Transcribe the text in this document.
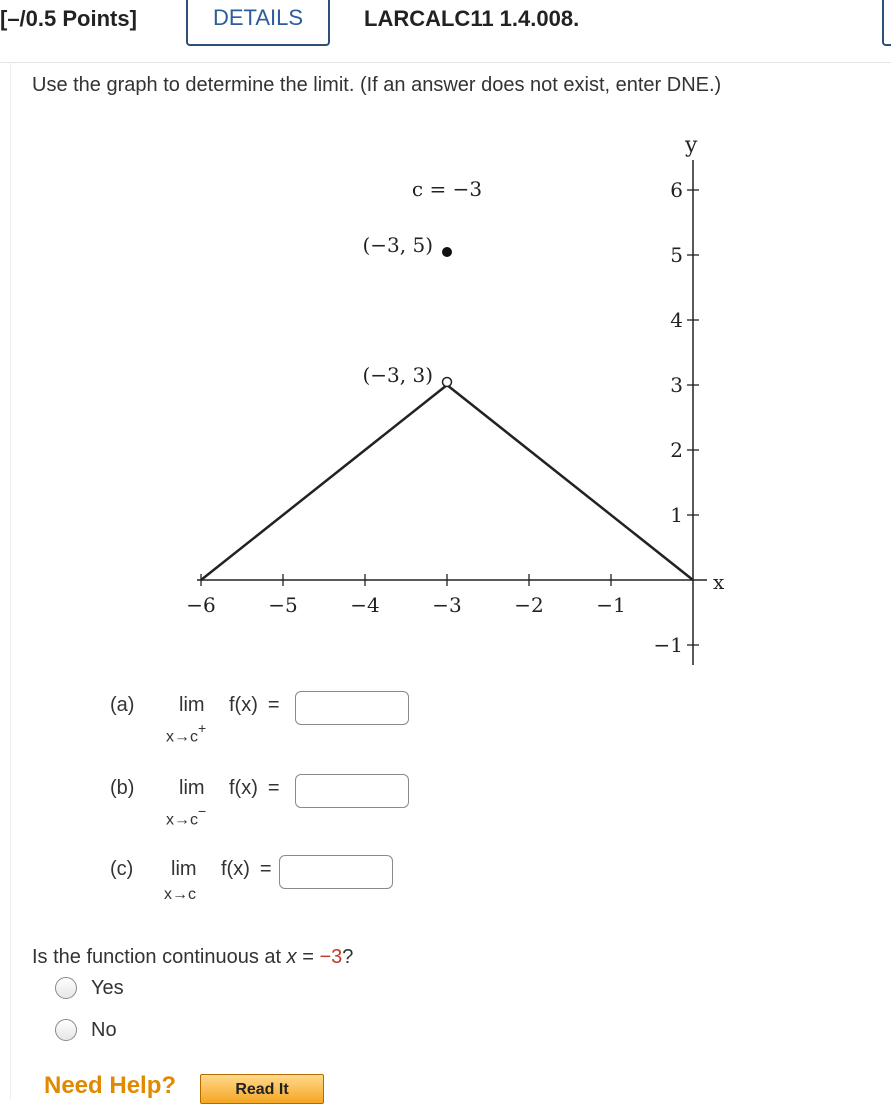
[–/0.5 Points]	DETAILS	LARCALC11 1.4.008.
Use the graph to determine the limit. (If an answer does not exist, enter DNE.)
x
y
−6	−5	−4	−3	−2	−1
−1
1
2
3
4
5
6
(−3, 3)
(−3, 5)
c = −3
(a) lim
x→c+
f(x) =
(b) lim
x→c−
f(x) =
(c) lim
x→c
f(x) =
Is the function continuous at x = −3?
Yes
No
Need Help?	Read It
